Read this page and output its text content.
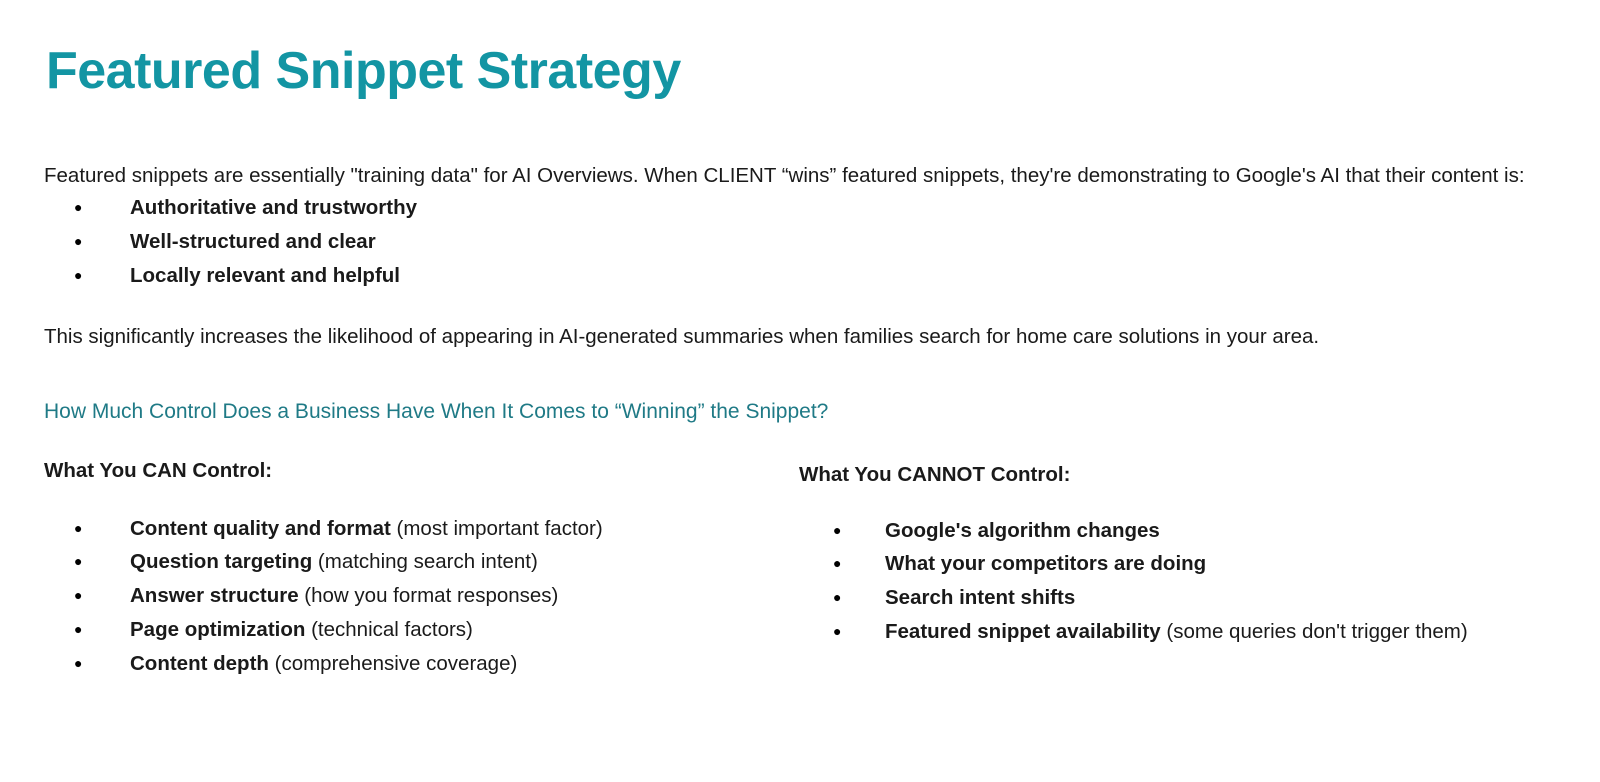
Featured Snippet Strategy

Featured snippets are essentially "training data" for AI Overviews. When CLIENT “wins” featured snippets, they're demonstrating to Google's AI that their content is:

● Authoritative and trustworthy
● Well-structured and clear
● Locally relevant and helpful

This significantly increases the likelihood of appearing in AI-generated summaries when families search for home care solutions in your area.

How Much Control Does a Business Have When It Comes to “Winning” the Snippet?
What You CAN Control:
● Content quality and format (most important factor)
● Question targeting (matching search intent)
● Answer structure (how you format responses)
● Page optimization (technical factors)
● Content depth (comprehensive coverage)
What You CANNOT Control:
● Google's algorithm changes
● What your competitors are doing
● Search intent shifts
● Featured snippet availability (some queries don't trigger them)
